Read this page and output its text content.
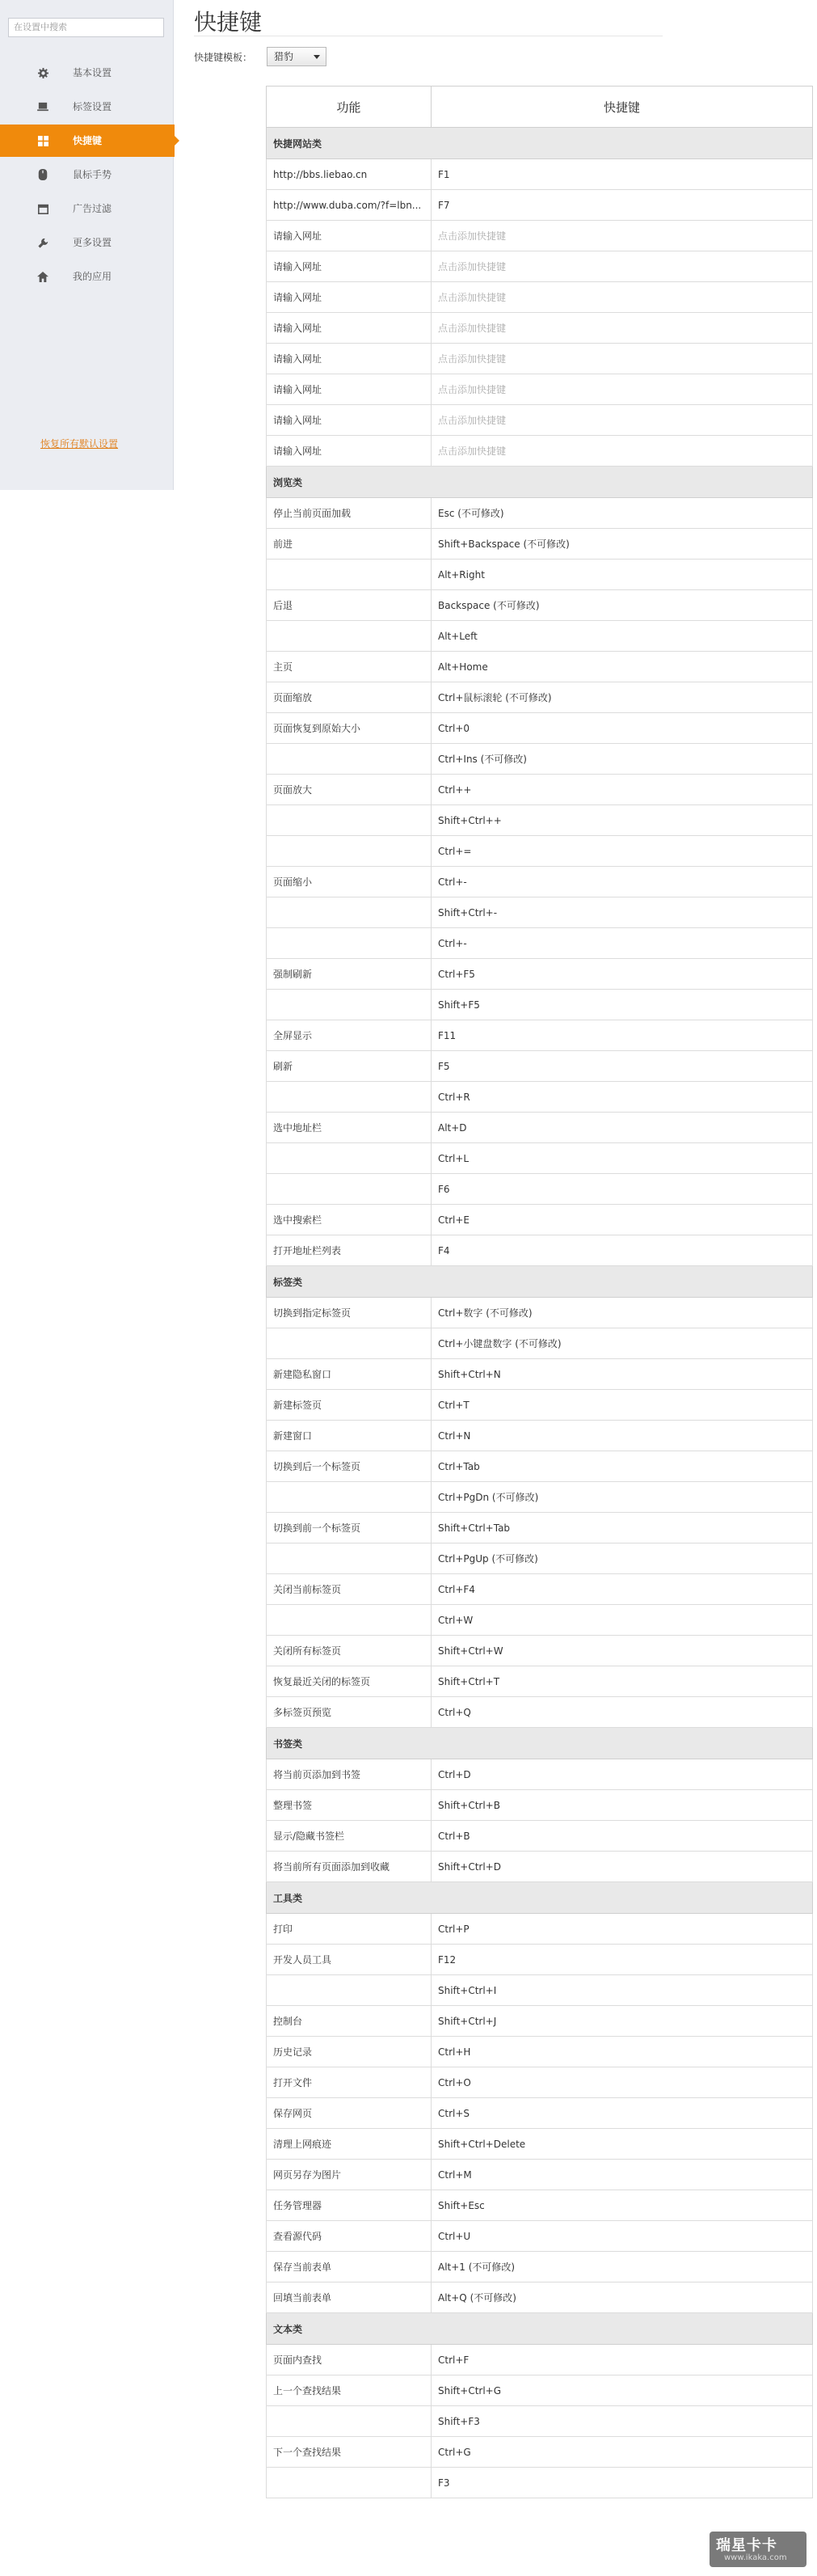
在设置中搜索
基本设置
标签设置
快捷键
鼠标手势
广告过滤
更多设置
我的应用
恢复所有默认设置
快捷键
快捷键模板：	猎豹
功能	快捷键
快捷网站类	
http://bbs.liebao.cn	F1
http://www.duba.com/?f=lbn...	F7
请输入网址	点击添加快捷键
请输入网址	点击添加快捷键
请输入网址	点击添加快捷键
请输入网址	点击添加快捷键
请输入网址	点击添加快捷键
请输入网址	点击添加快捷键
请输入网址	点击添加快捷键
请输入网址	点击添加快捷键
浏览类	
停止当前页面加载	Esc (不可修改)
前进	Shift+Backspace (不可修改)
	Alt+Right
后退	Backspace (不可修改)
	Alt+Left
主页	Alt+Home
页面缩放	Ctrl+鼠标滚轮 (不可修改)
页面恢复到原始大小	Ctrl+0
	Ctrl+Ins (不可修改)
页面放大	Ctrl++
	Shift+Ctrl++
	Ctrl+=
页面缩小	Ctrl+-
	Shift+Ctrl+-
	Ctrl+-
强制刷新	Ctrl+F5
	Shift+F5
全屏显示	F11
刷新	F5
	Ctrl+R
选中地址栏	Alt+D
	Ctrl+L
	F6
选中搜索栏	Ctrl+E
打开地址栏列表	F4
标签类	
切换到指定标签页	Ctrl+数字 (不可修改)
	Ctrl+小键盘数字 (不可修改)
新建隐私窗口	Shift+Ctrl+N
新建标签页	Ctrl+T
新建窗口	Ctrl+N
切换到后一个标签页	Ctrl+Tab
	Ctrl+PgDn (不可修改)
切换到前一个标签页	Shift+Ctrl+Tab
	Ctrl+PgUp (不可修改)
关闭当前标签页	Ctrl+F4
	Ctrl+W
关闭所有标签页	Shift+Ctrl+W
恢复最近关闭的标签页	Shift+Ctrl+T
多标签页预览	Ctrl+Q
书签类	
将当前页添加到书签	Ctrl+D
整理书签	Shift+Ctrl+B
显示/隐藏书签栏	Ctrl+B
将当前所有页面添加到收藏	Shift+Ctrl+D
工具类	
打印	Ctrl+P
开发人员工具	F12
	Shift+Ctrl+I
控制台	Shift+Ctrl+J
历史记录	Ctrl+H
打开文件	Ctrl+O
保存网页	Ctrl+S
清理上网痕迹	Shift+Ctrl+Delete
网页另存为图片	Ctrl+M
任务管理器	Shift+Esc
查看源代码	Ctrl+U
保存当前表单	Alt+1 (不可修改)
回填当前表单	Alt+Q (不可修改)
文本类	
页面内查找	Ctrl+F
上一个查找结果	Shift+Ctrl+G
	Shift+F3
下一个查找结果	Ctrl+G
	F3
瑞星卡卡
www.ikaka.com
